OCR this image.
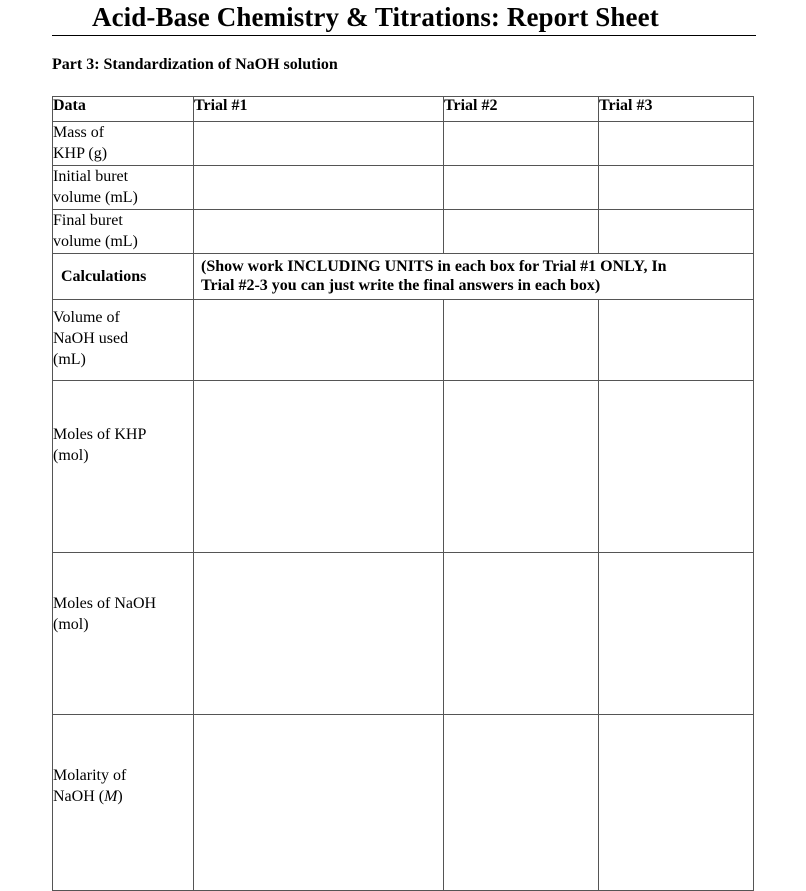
Acid-Base Chemistry & Titrations: Report Sheet
Part 3: Standardization of NaOH solution
Data	Trial #1	Trial #2	Trial #3

Mass of
KHP (g)			

Initial buret
volume (mL)			

Final buret
volume (mL)			

Calculations	(Show work INCLUDING UNITS in each box for Trial #1 ONLY, In
Trial #2-3 you can just write the final answers in each box)		

Volume of
NaOH used
(mL)			

Moles of KHP
(mol)			

Moles of NaOH
(mol)			

Molarity of
NaOH (M)			
